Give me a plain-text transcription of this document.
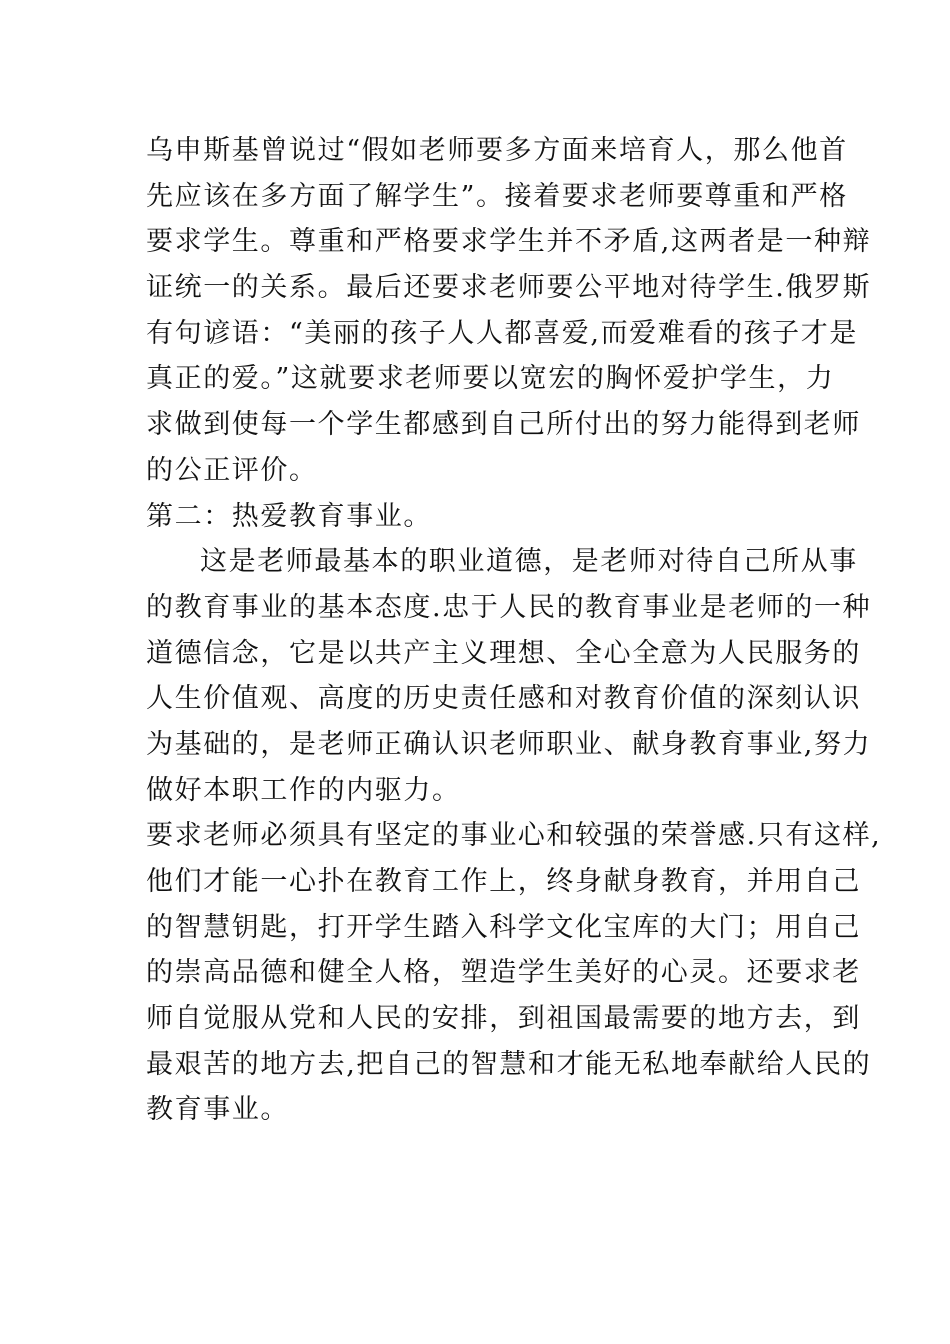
乌申斯基曾说过“假如老师要多方面来培育人，那么他首
先应该在多方面了解学生”。接着要求老师要尊重和严格
要求学生。尊重和严格要求学生并不矛盾,这两者是一种辩
证统一的关系。最后还要求老师要公平地对待学生.俄罗斯
有句谚语：“美丽的孩子人人都喜爱,而爱难看的孩子才是
真正的爱。”这就要求老师要以宽宏的胸怀爱护学生，力
求做到使每一个学生都感到自己所付出的努力能得到老师
的公正评价。
第二：热爱教育事业。
这是老师最基本的职业道德，是老师对待自己所从事
的教育事业的基本态度.忠于人民的教育事业是老师的一种
道德信念，它是以共产主义理想、全心全意为人民服务的
人生价值观、高度的历史责任感和对教育价值的深刻认识
为基础的，是老师正确认识老师职业、献身教育事业,努力
做好本职工作的内驱力。
要求老师必须具有坚定的事业心和较强的荣誉感.只有这样,
他们才能一心扑在教育工作上，终身献身教育，并用自己
的智慧钥匙，打开学生踏入科学文化宝库的大门；用自己
的崇高品德和健全人格，塑造学生美好的心灵。还要求老
师自觉服从党和人民的安排，到祖国最需要的地方去，到
最艰苦的地方去,把自己的智慧和才能无私地奉献给人民的
教育事业。
